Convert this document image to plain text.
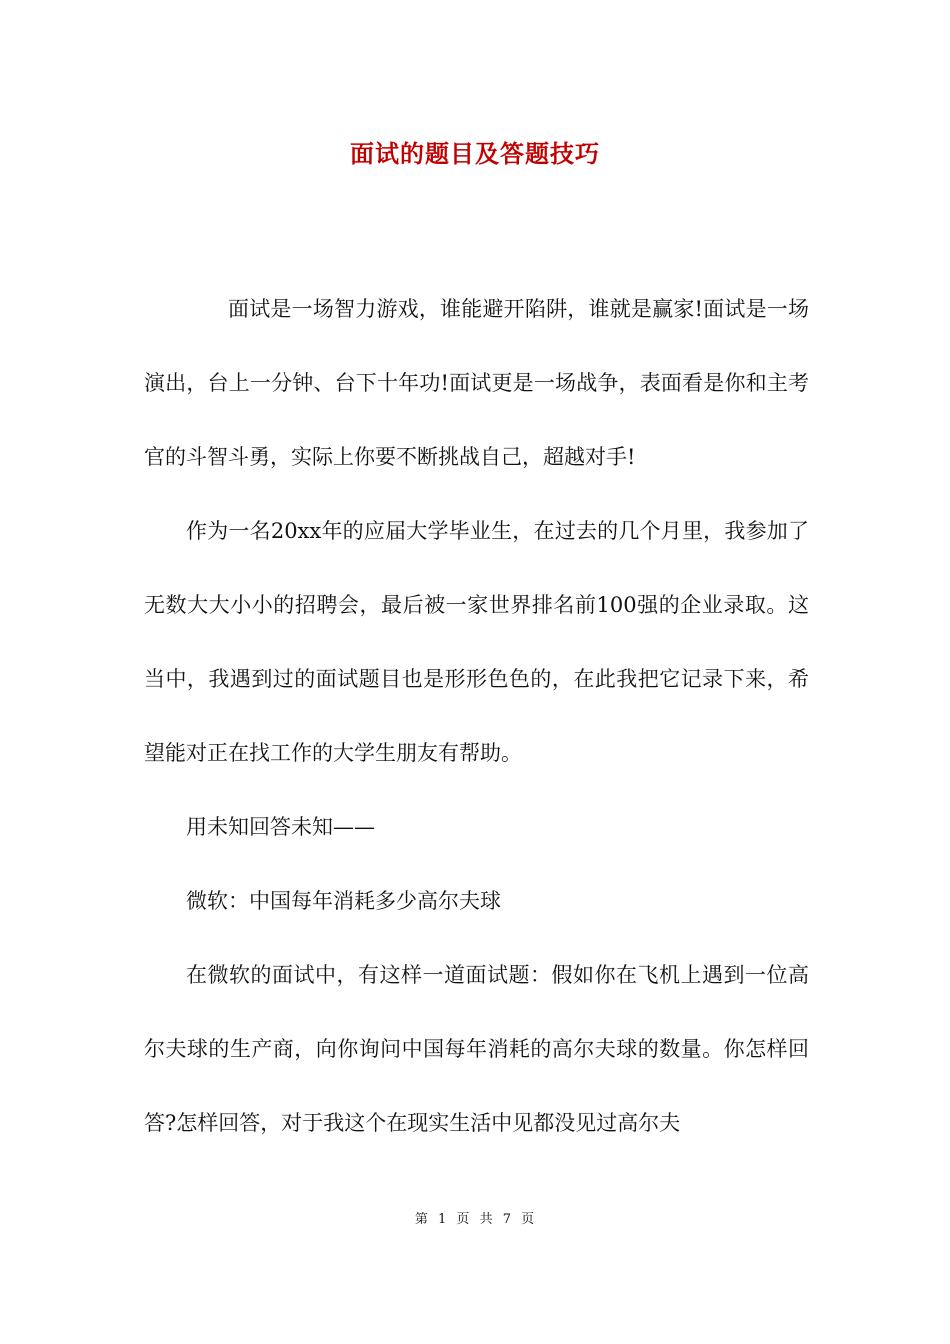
面试的题目及答题技巧

面试是一场智力游戏，谁能避开陷阱，谁就是赢家!面试是一场演出，台上一分钟、台下十年功!面试更是一场战争，表面看是你和主考官的斗智斗勇，实际上你要不断挑战自己，超越对手!

作为一名20xx年的应届大学毕业生，在过去的几个月里，我参加了无数大大小小的招聘会，最后被一家世界排名前100强的企业录取。这当中，我遇到过的面试题目也是形形色色的，在此我把它记录下来，希望能对正在找工作的大学生朋友有帮助。

用未知回答未知——

微软：中国每年消耗多少高尔夫球

在微软的面试中，有这样一道面试题：假如你在飞机上遇到一位高尔夫球的生产商，向你询问中国每年消耗的高尔夫球的数量。你怎样回答?怎样回答，对于我这个在现实生活中见都没见过高尔夫

第 1 页 共 7 页
